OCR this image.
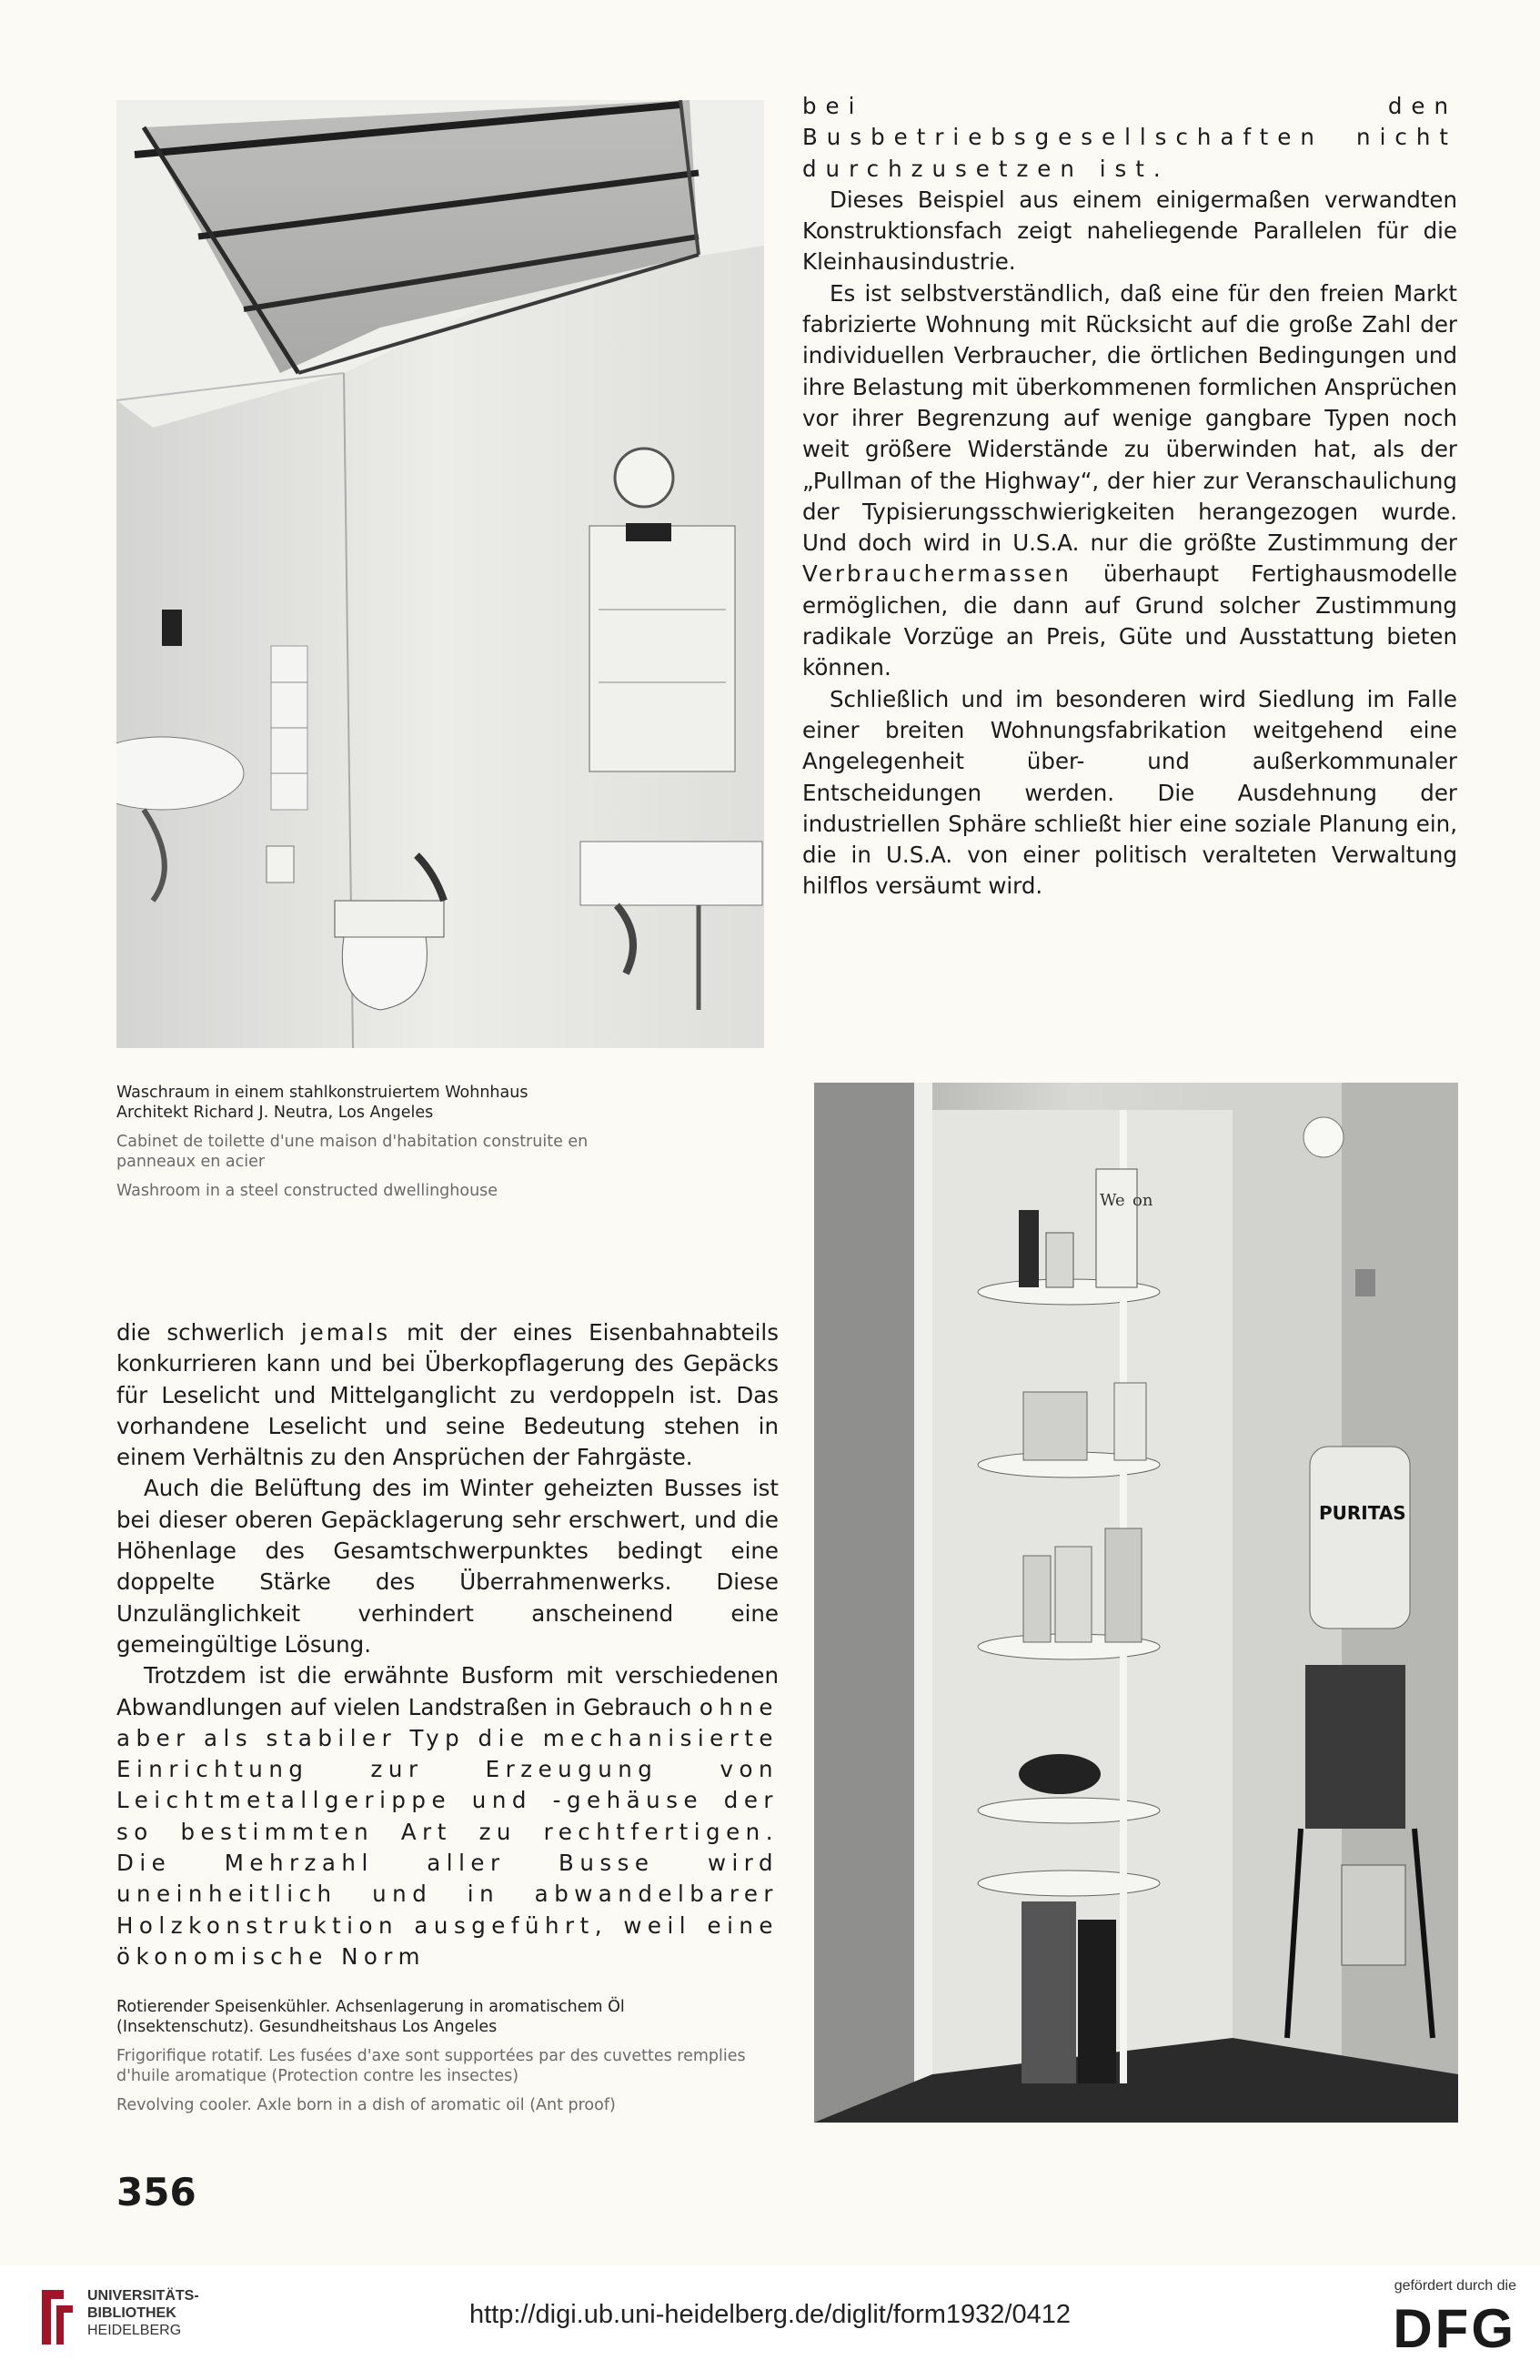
We on
PURITAS

bei den Busbetriebsgesellschaften nicht durchzusetzen ist.

Dieses Beispiel aus einem einigermaßen verwandten Konstruktionsfach zeigt naheliegende Parallelen für die Kleinhausindustrie.

Es ist selbstverständlich, daß eine für den freien Markt fabrizierte Wohnung mit Rücksicht auf die große Zahl der individuellen Verbraucher, die örtlichen Bedingungen und ihre Belastung mit überkommenen formlichen Ansprüchen vor ihrer Begrenzung auf wenige gangbare Typen noch weit größere Widerstände zu überwinden hat, als der „Pullman of the Highway“, der hier zur Veranschaulichung der Typisierungsschwierigkeiten herangezogen wurde. Und doch wird in U.S.A. nur die größte Zustimmung der Verbrauchermassen überhaupt Fertighausmodelle ermöglichen, die dann auf Grund solcher Zustimmung radikale Vorzüge an Preis, Güte und Ausstattung bieten können.

Schließlich und im besonderen wird Siedlung im Falle einer breiten Wohnungsfabrikation weitgehend eine Angelegenheit über- und außerkommunaler Entscheidungen werden. Die Ausdehnung der industriellen Sphäre schließt hier eine soziale Planung ein, die in U.S.A. von einer politisch veralteten Verwaltung hilflos versäumt wird.

Waschraum in einem stahlkonstruiertem Wohnhaus
Architekt Richard J. Neutra, Los Angeles
Cabinet de toilette d'une maison d'habitation construite en panneaux en acier
Washroom in a steel constructed dwellinghouse

die schwerlich jemals mit der eines Eisenbahnabteils konkurrieren kann und bei Überkopflagerung des Gepäcks für Leselicht und Mittelganglicht zu verdoppeln ist. Das vorhandene Leselicht und seine Bedeutung stehen in einem Verhältnis zu den Ansprüchen der Fahrgäste.

Auch die Belüftung des im Winter geheizten Busses ist bei dieser oberen Gepäcklagerung sehr erschwert, und die Höhenlage des Gesamtschwerpunktes bedingt eine doppelte Stärke des Überrahmenwerks. Diese Unzulänglichkeit verhindert anscheinend eine gemeingültige Lösung.

Trotzdem ist die erwähnte Busform mit verschiedenen Abwandlungen auf vielen Landstraßen in Gebrauch ohne aber als stabiler Typ die mechanisierte Einrichtung zur Erzeugung von Leichtmetallgerippe und -gehäuse der so bestimmten Art zu rechtfertigen. Die Mehrzahl aller Busse wird uneinheitlich und in abwandelbarer Holzkonstruktion ausgeführt, weil eine ökonomische Norm

Rotierender Speisenkühler. Achsenlagerung in aromatischem Öl (Insektenschutz). Gesundheitshaus Los Angeles
Frigorifique rotatif. Les fusées d'axe sont supportées par des cuvettes remplies d'huile aromatique (Protection contre les insectes)
Revolving cooler. Axle born in a dish of aromatic oil (Ant proof)
356
UNIVERSITÄTS-
BIBLIOTHEK
HEIDELBERG
http://digi.ub.uni-heidelberg.de/diglit/form1932/0412
gefördert durch die
DFG
